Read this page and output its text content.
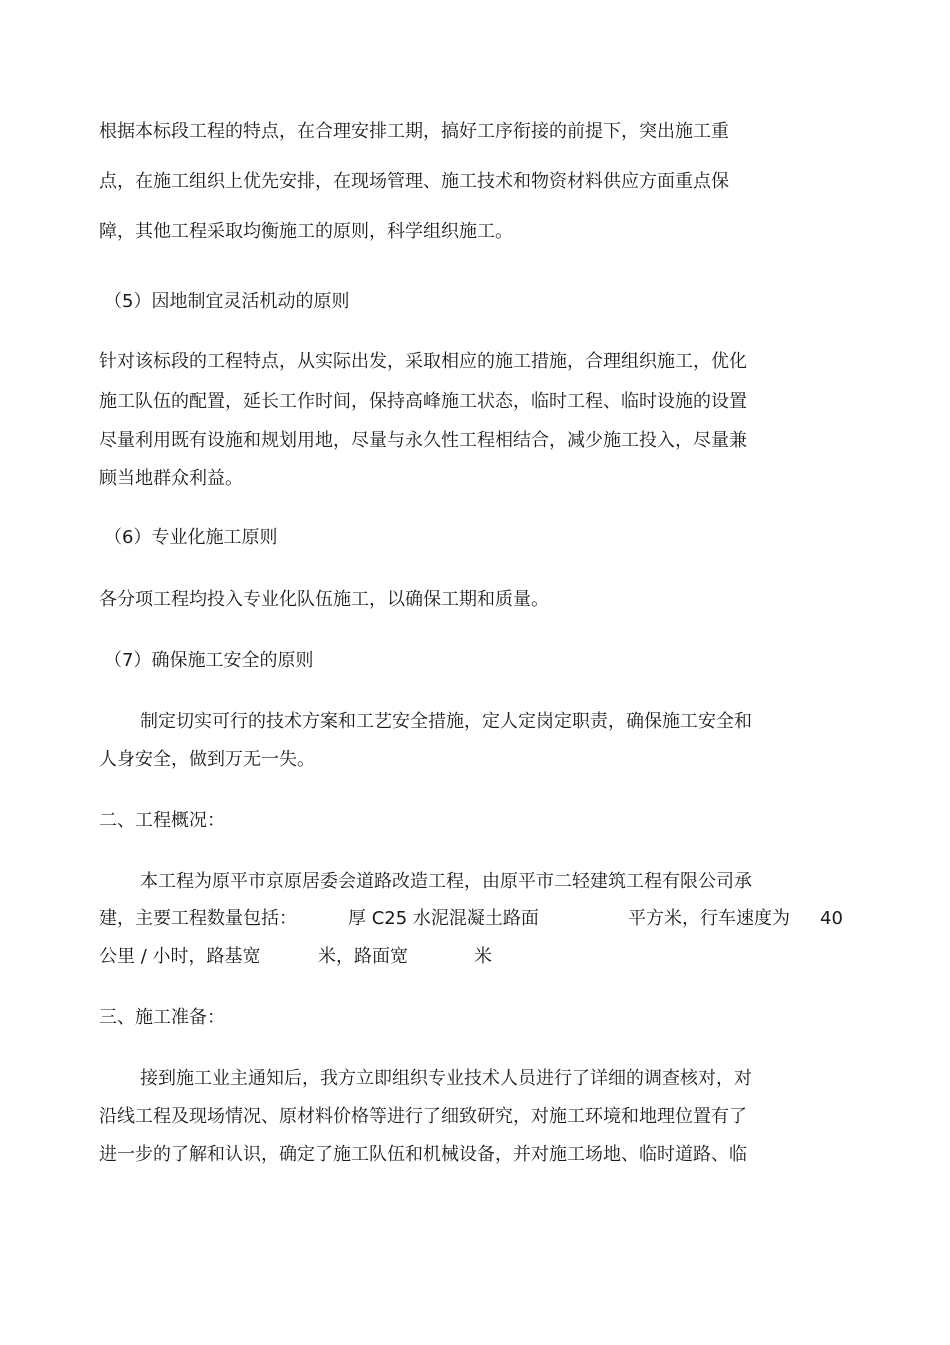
根据本标段工程的特点，在合理安排工期，搞好工序衔接的前提下，突出施工重
点，在施工组织上优先安排，在现场管理、施工技术和物资材料供应方面重点保
障，其他工程采取均衡施工的原则，科学组织施工。
（5）因地制宜灵活机动的原则
针对该标段的工程特点，从实际出发，采取相应的施工措施，合理组织施工，优化
施工队伍的配置，延长工作时间，保持高峰施工状态，临时工程、临时设施的设置
尽量利用既有设施和规划用地，尽量与永久性工程相结合，减少施工投入，尽量兼
顾当地群众利益。
（6）专业化施工原则
各分项工程均投入专业化队伍施工，以确保工期和质量。
（7）确保施工安全的原则
制定切实可行的技术方案和工艺安全措施，定人定岗定职责，确保施工安全和
人身安全，做到万无一失。
二、工程概况：
本工程为原平市京原居委会道路改造工程，由原平市二轻建筑工程有限公司承
建，主要工程数量包括：	厚 C25 水泥混凝土路面	平方米，行车速度为 40
公里 / 小时，路基宽	米，路面宽	米
三、施工准备：
接到施工业主通知后，我方立即组织专业技术人员进行了详细的调查核对，对
沿线工程及现场情况、原材料价格等进行了细致研究，对施工环境和地理位置有了
进一步的了解和认识，确定了施工队伍和机械设备，并对施工场地、临时道路、临
